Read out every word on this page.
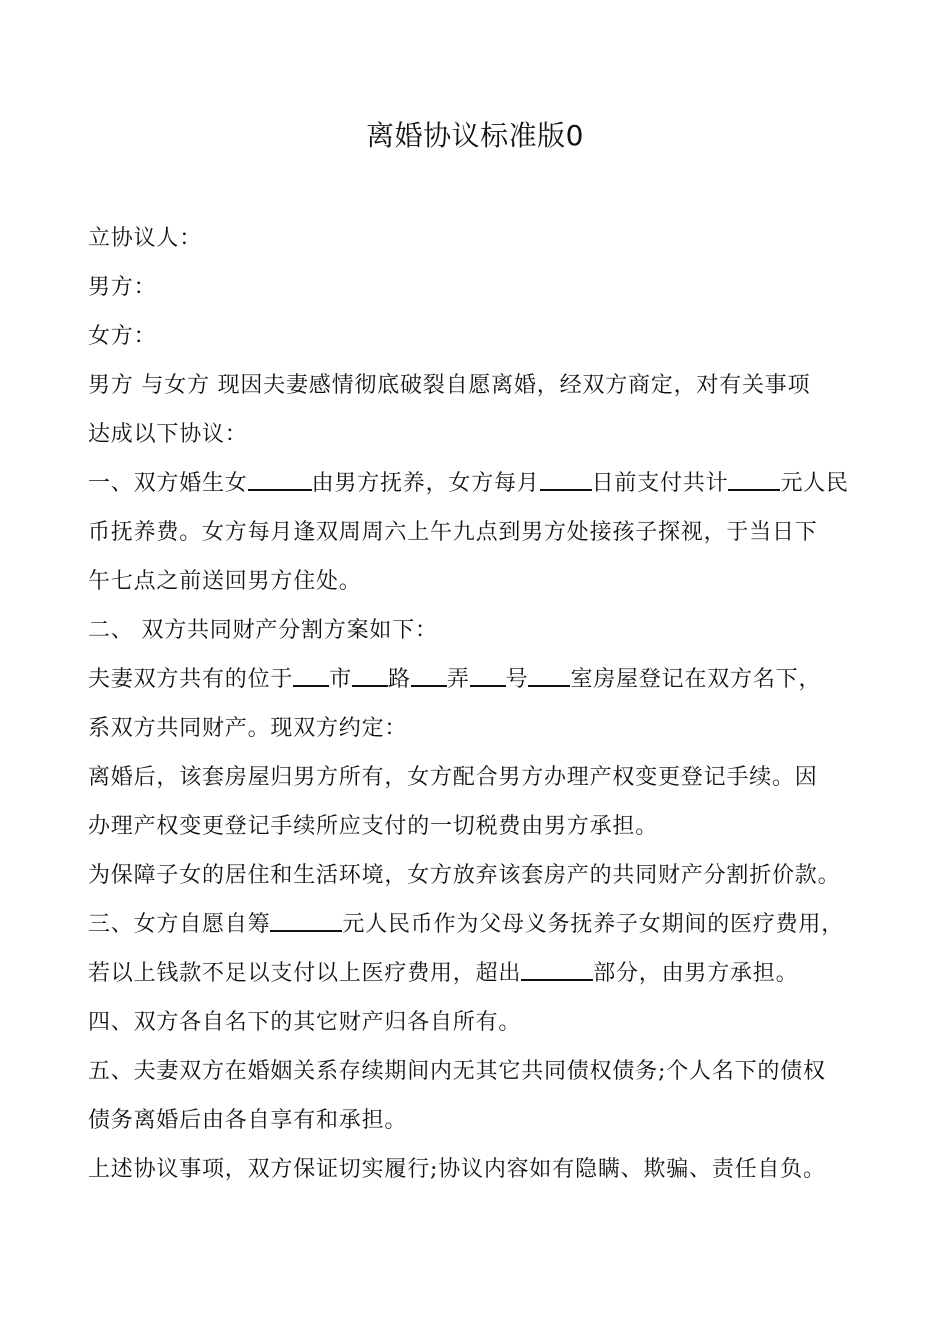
离婚协议标准版0
立协议人：
男方：
女方：
男方 与女方 现因夫妻感情彻底破裂自愿离婚，经双方商定，对有关事项
达成以下协议：
一、双方婚生女	由男方抚养，女方每月 日前支付共计 元人民
币抚养费。女方每月逢双周周六上午九点到男方处接孩子探视，于当日下
午七点之前送回男方住处。
二、 双方共同财产分割方案如下：
夫妻双方共有的位于 市 路 弄 号 室房屋登记在双方名下，
系双方共同财产。现双方约定：
离婚后，该套房屋归男方所有，女方配合男方办理产权变更登记手续。因
办理产权变更登记手续所应支付的一切税费由男方承担。
为保障子女的居住和生活环境，女方放弃该套房产的共同财产分割折价款。
三、女方自愿自筹	元人民币作为父母义务抚养子女期间的医疗费用，
若以上钱款不足以支付以上医疗费用，超出	部分，由男方承担。
四、双方各自名下的其它财产归各自所有。
五、夫妻双方在婚姻关系存续期间内无其它共同债权债务;个人名下的债权
债务离婚后由各自享有和承担。
上述协议事项，双方保证切实履行;协议内容如有隐瞒、欺骗、责任自负。
